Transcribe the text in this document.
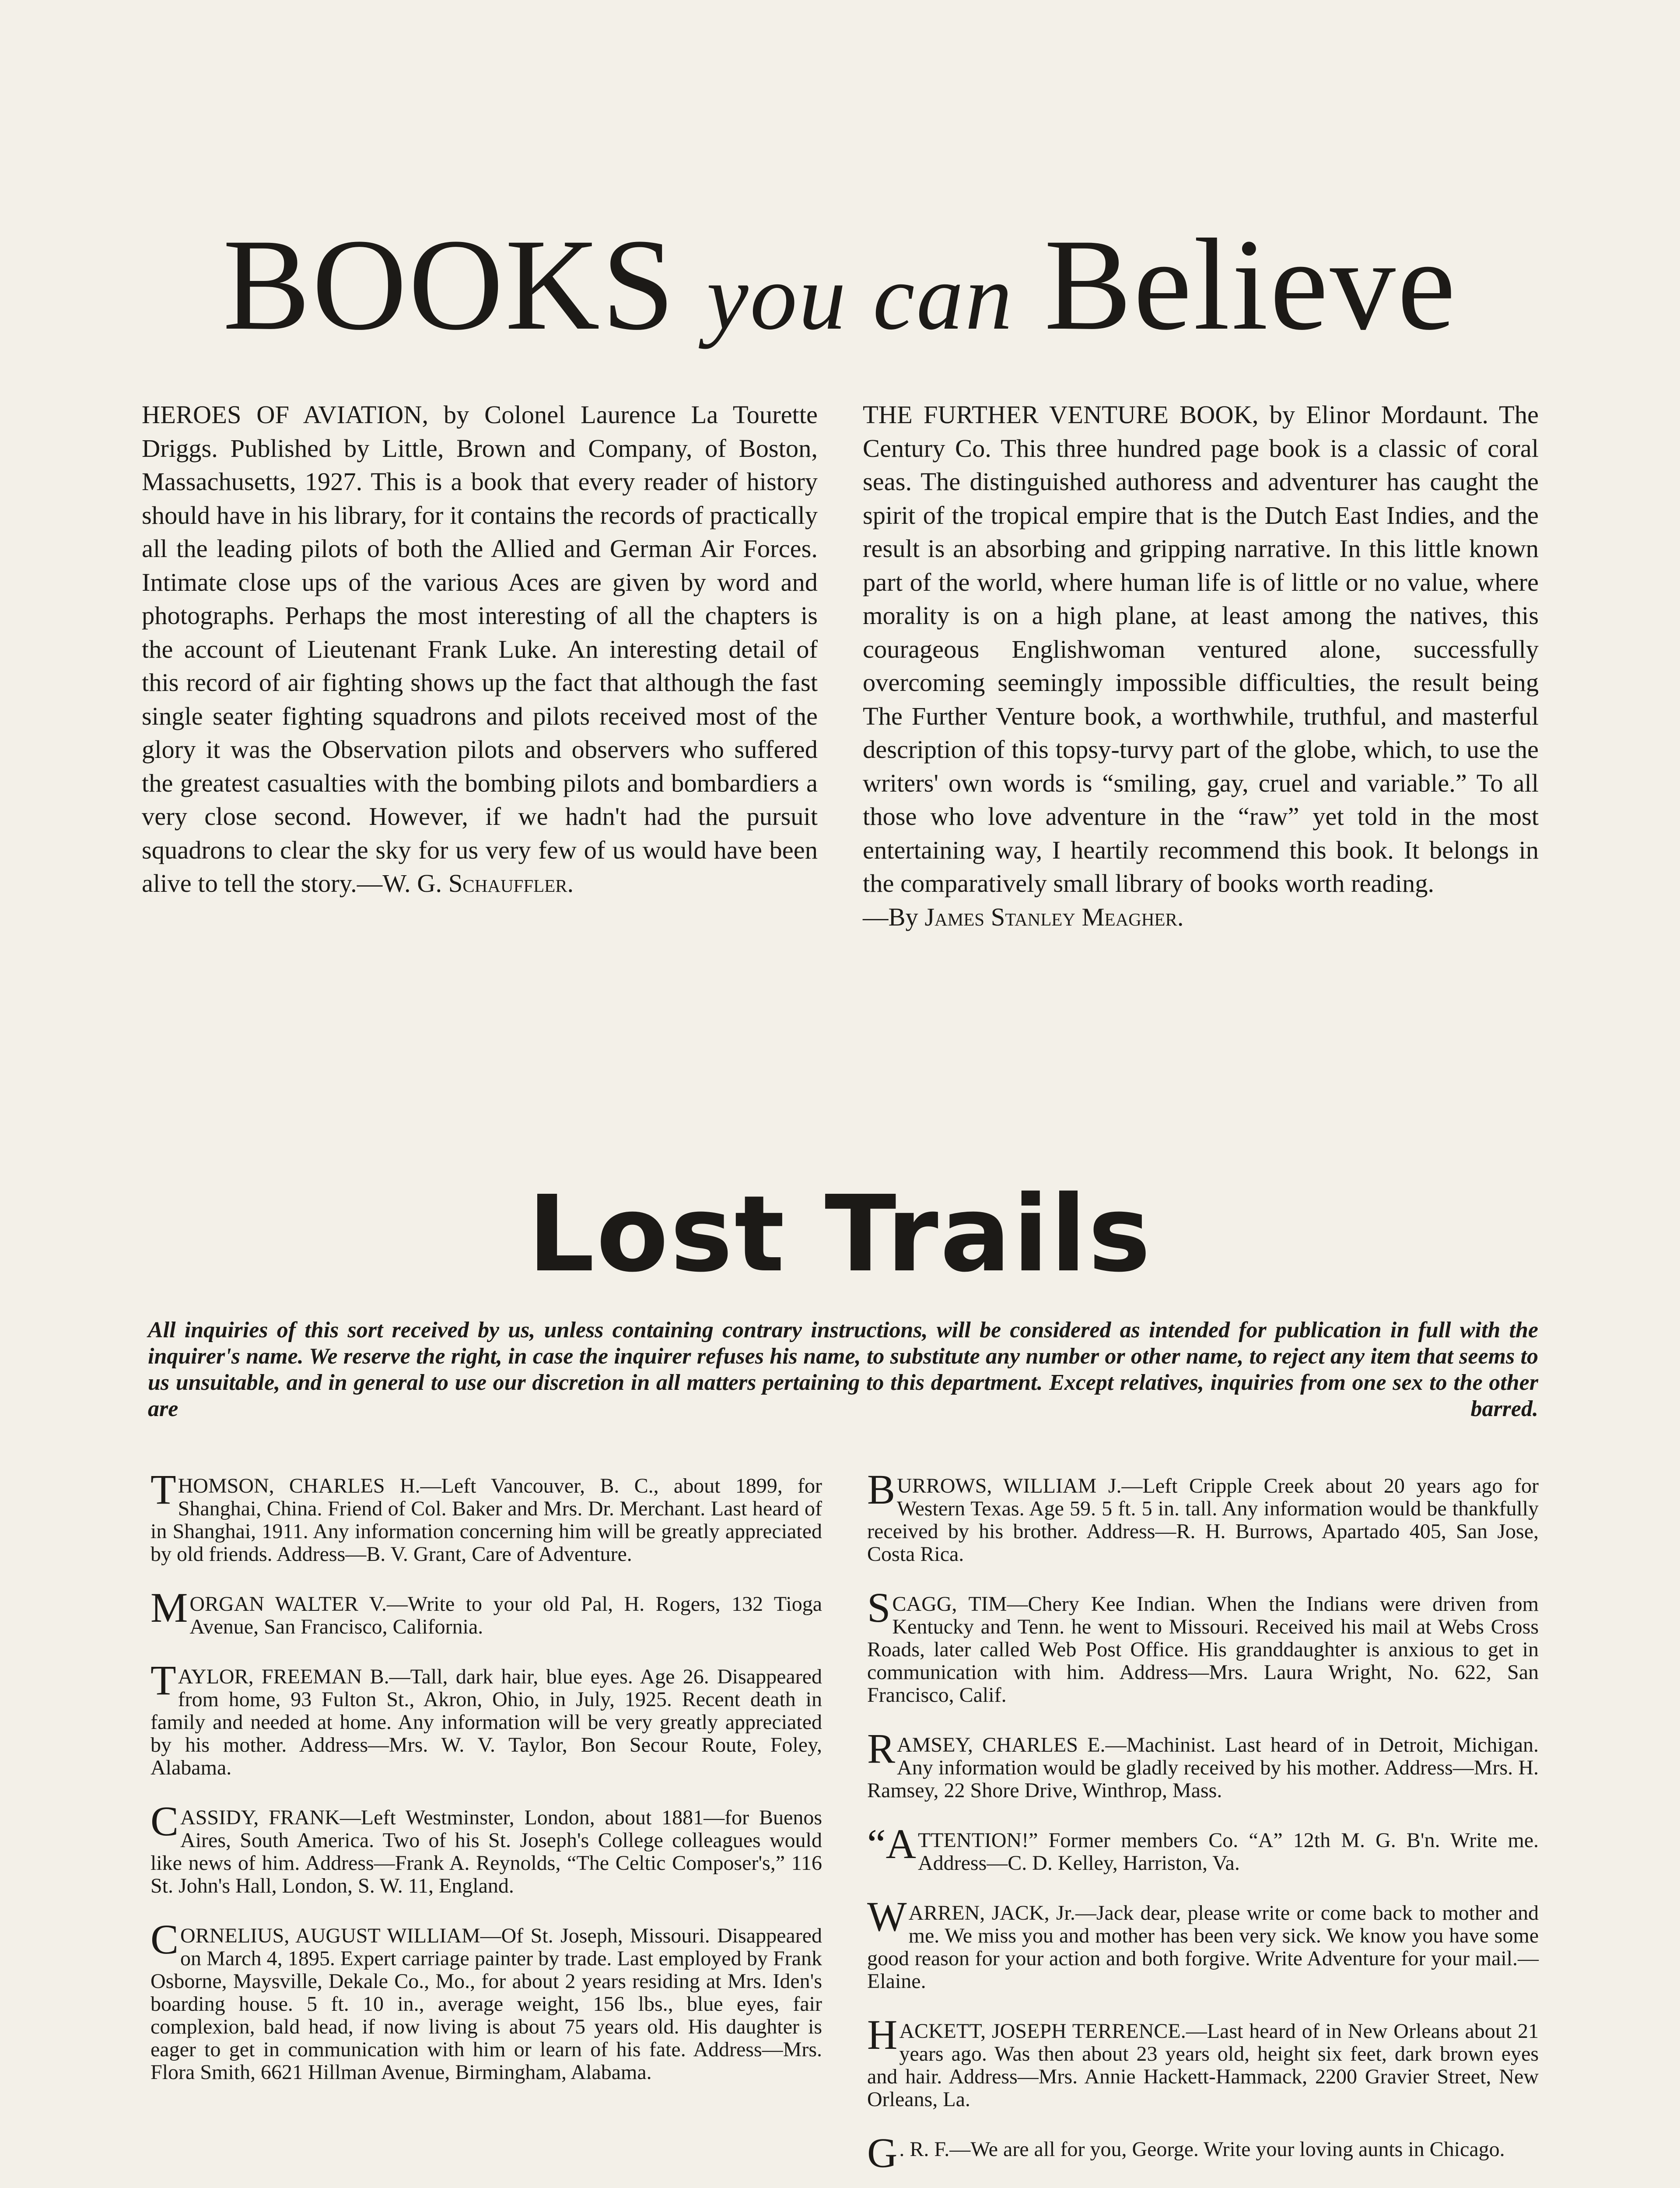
BOOKS you can Believe
HEROES OF AVIATION, by Colonel Laurence La Tourette Driggs. Published by Little, Brown and Company, of Boston, Massachusetts, 1927. This is a book that every reader of history should have in his library, for it contains the records of practically all the leading pilots of both the Allied and German Air Forces. Intimate close ups of the various Aces are given by word and photographs. Perhaps the most interesting of all the chapters is the account of Lieutenant Frank Luke. An interesting detail of this record of air fighting shows up the fact that although the fast single seater fighting squadrons and pilots received most of the glory it was the Observation pilots and observers who suffered the greatest casualties with the bombing pilots and bombardiers a very close second. However, if we hadn't had the pursuit squadrons to clear the sky for us very few of us would have been alive to tell the story.—W. G. Schauffler.
THE FURTHER VENTURE BOOK, by Elinor Mordaunt. The Century Co. This three hundred page book is a classic of coral seas. The distinguished authoress and adventurer has caught the spirit of the tropical empire that is the Dutch East Indies, and the result is an absorbing and gripping narrative. In this little known part of the world, where human life is of little or no value, where morality is on a high plane, at least among the natives, this courageous Englishwoman ventured alone, successfully overcoming seemingly impossible difficulties, the result being The Further Venture book, a worthwhile, truthful, and masterful description of this topsy-turvy part of the globe, which, to use the writers' own words is “smiling, gay, cruel and variable.” To all those who love adventure in the “raw” yet told in the most entertaining way, I heartily recommend this book. It belongs in the comparatively small library of books worth reading.
—By James Stanley Meagher.
Lost Trails
All inquiries of this sort received by us, unless containing contrary instructions, will be considered as intended for publication in full with the inquirer's name. We reserve the right, in case the inquirer refuses his name, to substitute any number or other name, to reject any item that seems to us unsuitable, and in general to use our discretion in all matters pertaining to this department. Except relatives, inquiries from one sex to the other are barred.
THOMSON, CHARLES H.—Left Vancouver, B. C., about 1899, for Shanghai, China. Friend of Col. Baker and Mrs. Dr. Merchant. Last heard of in Shanghai, 1911. Any information concerning him will be greatly appreciated by old friends. Address—B. V. Grant, Care of Adventure.
MORGAN WALTER V.—Write to your old Pal, H. Rogers, 132 Tioga Avenue, San Francisco, California.
TAYLOR, FREEMAN B.—Tall, dark hair, blue eyes. Age 26. Disappeared from home, 93 Fulton St., Akron, Ohio, in July, 1925. Recent death in family and needed at home. Any information will be very greatly appreciated by his mother. Address—Mrs. W. V. Taylor, Bon Secour Route, Foley, Alabama.
CASSIDY, FRANK—Left Westminster, London, about 1881—for Buenos Aires, South America. Two of his St. Joseph's College colleagues would like news of him. Address—Frank A. Reynolds, “The Celtic Composer's,” 116 St. John's Hall, London, S. W. 11, England.
CORNELIUS, AUGUST WILLIAM—Of St. Joseph, Missouri. Disappeared on March 4, 1895. Expert carriage painter by trade. Last employed by Frank Osborne, Maysville, Dekale Co., Mo., for about 2 years residing at Mrs. Iden's boarding house. 5 ft. 10 in., average weight, 156 lbs., blue eyes, fair complexion, bald head, if now living is about 75 years old. His daughter is eager to get in communication with him or learn of his fate. Address—Mrs. Flora Smith, 6621 Hillman Avenue, Birmingham, Alabama.
BURROWS, WILLIAM J.—Left Cripple Creek about 20 years ago for Western Texas. Age 59. 5 ft. 5 in. tall. Any information would be thankfully received by his brother. Address—R. H. Burrows, Apartado 405, San Jose, Costa Rica.
SCAGG, TIM—Chery Kee Indian. When the Indians were driven from Kentucky and Tenn. he went to Missouri. Received his mail at Webs Cross Roads, later called Web Post Office. His granddaughter is anxious to get in communication with him. Address—Mrs. Laura Wright, No. 622, San Francisco, Calif.
RAMSEY, CHARLES E.—Machinist. Last heard of in Detroit, Michigan. Any information would be gladly received by his mother. Address—Mrs. H. Ramsey, 22 Shore Drive, Winthrop, Mass.
“ATTENTION!” Former members Co. “A” 12th M. G. B'n. Write me. Address—C. D. Kelley, Harriston, Va.
WARREN, JACK, Jr.—Jack dear, please write or come back to mother and me. We miss you and mother has been very sick. We know you have some good reason for your action and both forgive. Write Adventure for your mail.—Elaine.
HACKETT, JOSEPH TERRENCE.—Last heard of in New Orleans about 21 years ago. Was then about 23 years old, height six feet, dark brown eyes and hair. Address—Mrs. Annie Hackett-Hammack, 2200 Gravier Street, New Orleans, La.
G . R. F.—We are all for you, George. Write your loving aunts in Chicago.
